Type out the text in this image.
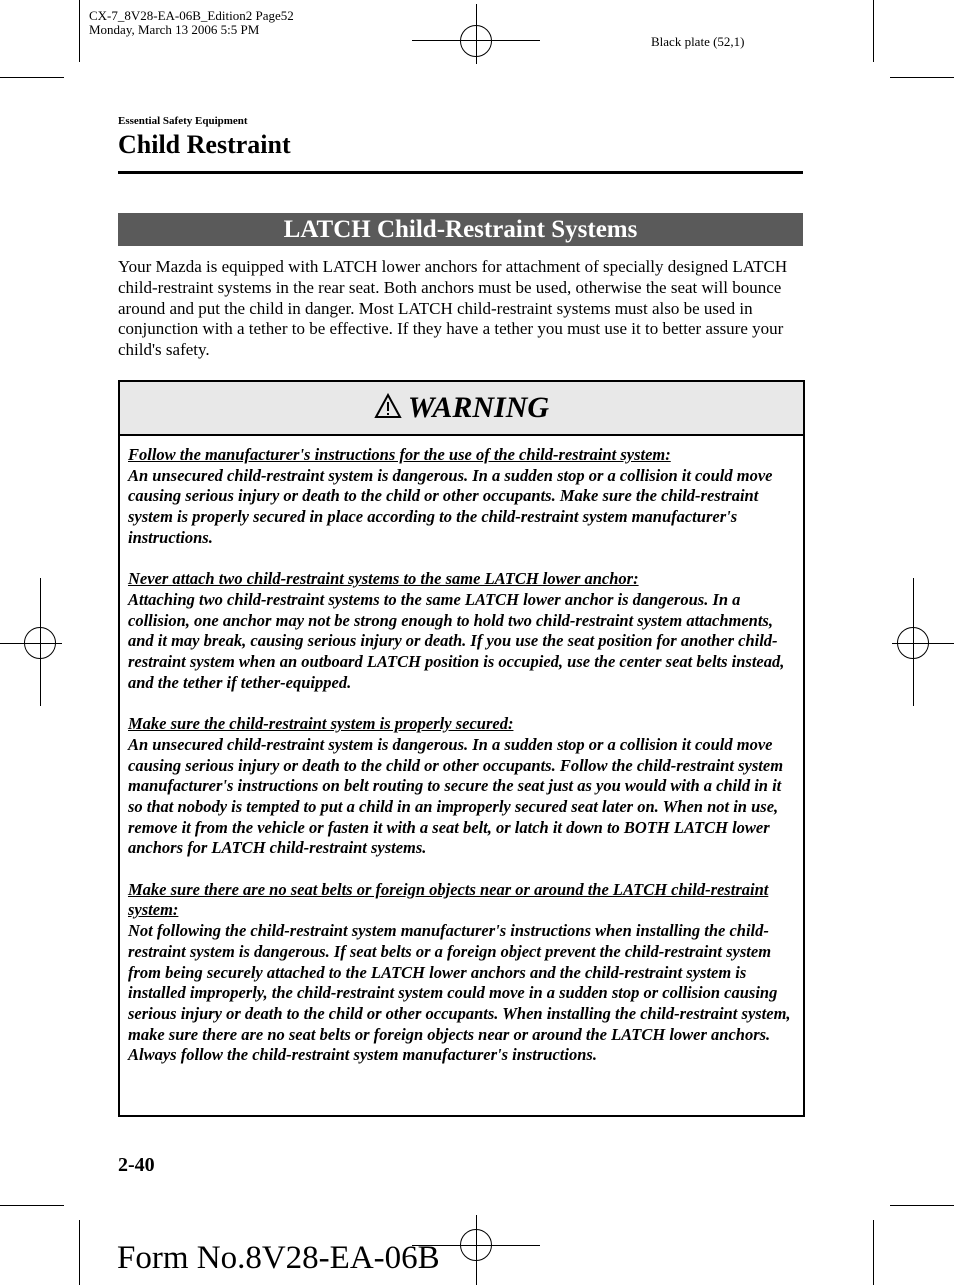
CX-7_8V28-EA-06B_Edition2 Page52
Monday, March 13 2006 5:5 PM
Black plate (52,1)
Essential Safety Equipment
Child Restraint
LATCH Child-Restraint Systems
Your Mazda is equipped with LATCH lower anchors for attachment of specially designed LATCH child-restraint systems in the rear seat. Both anchors must be used, otherwise the seat will bounce around and put the child in danger. Most LATCH child-restraint systems must also be used in conjunction with a tether to be effective. If they have a tether you must use it to better assure your child's safety.
WARNING
Follow the manufacturer's instructions for the use of the child-restraint system:
An unsecured child-restraint system is dangerous. In a sudden stop or a collision it could move causing serious injury or death to the child or other occupants. Make sure the child-restraint system is properly secured in place according to the child-restraint system manufacturer's instructions.
Never attach two child-restraint systems to the same LATCH lower anchor:
Attaching two child-restraint systems to the same LATCH lower anchor is dangerous. In a collision, one anchor may not be strong enough to hold two child-restraint system attachments, and it may break, causing serious injury or death. If you use the seat position for another child-restraint system when an outboard LATCH position is occupied, use the center seat belts instead, and the tether if tether-equipped.
Make sure the child-restraint system is properly secured:
An unsecured child-restraint system is dangerous. In a sudden stop or a collision it could move causing serious injury or death to the child or other occupants. Follow the child-restraint system manufacturer's instructions on belt routing to secure the seat just as you would with a child in it so that nobody is tempted to put a child in an improperly secured seat later on. When not in use, remove it from the vehicle or fasten it with a seat belt, or latch it down to BOTH LATCH lower anchors for LATCH child-restraint systems.
Make sure there are no seat belts or foreign objects near or around the LATCH child-restraint system:
Not following the child-restraint system manufacturer's instructions when installing the child-restraint system is dangerous. If seat belts or a foreign object prevent the child-restraint system from being securely attached to the LATCH lower anchors and the child-restraint system is installed improperly, the child-restraint system could move in a sudden stop or collision causing serious injury or death to the child or other occupants. When installing the child-restraint system, make sure there are no seat belts or foreign objects near or around the LATCH lower anchors. Always follow the child-restraint system manufacturer's instructions.
2-40
Form No.8V28-EA-06B
